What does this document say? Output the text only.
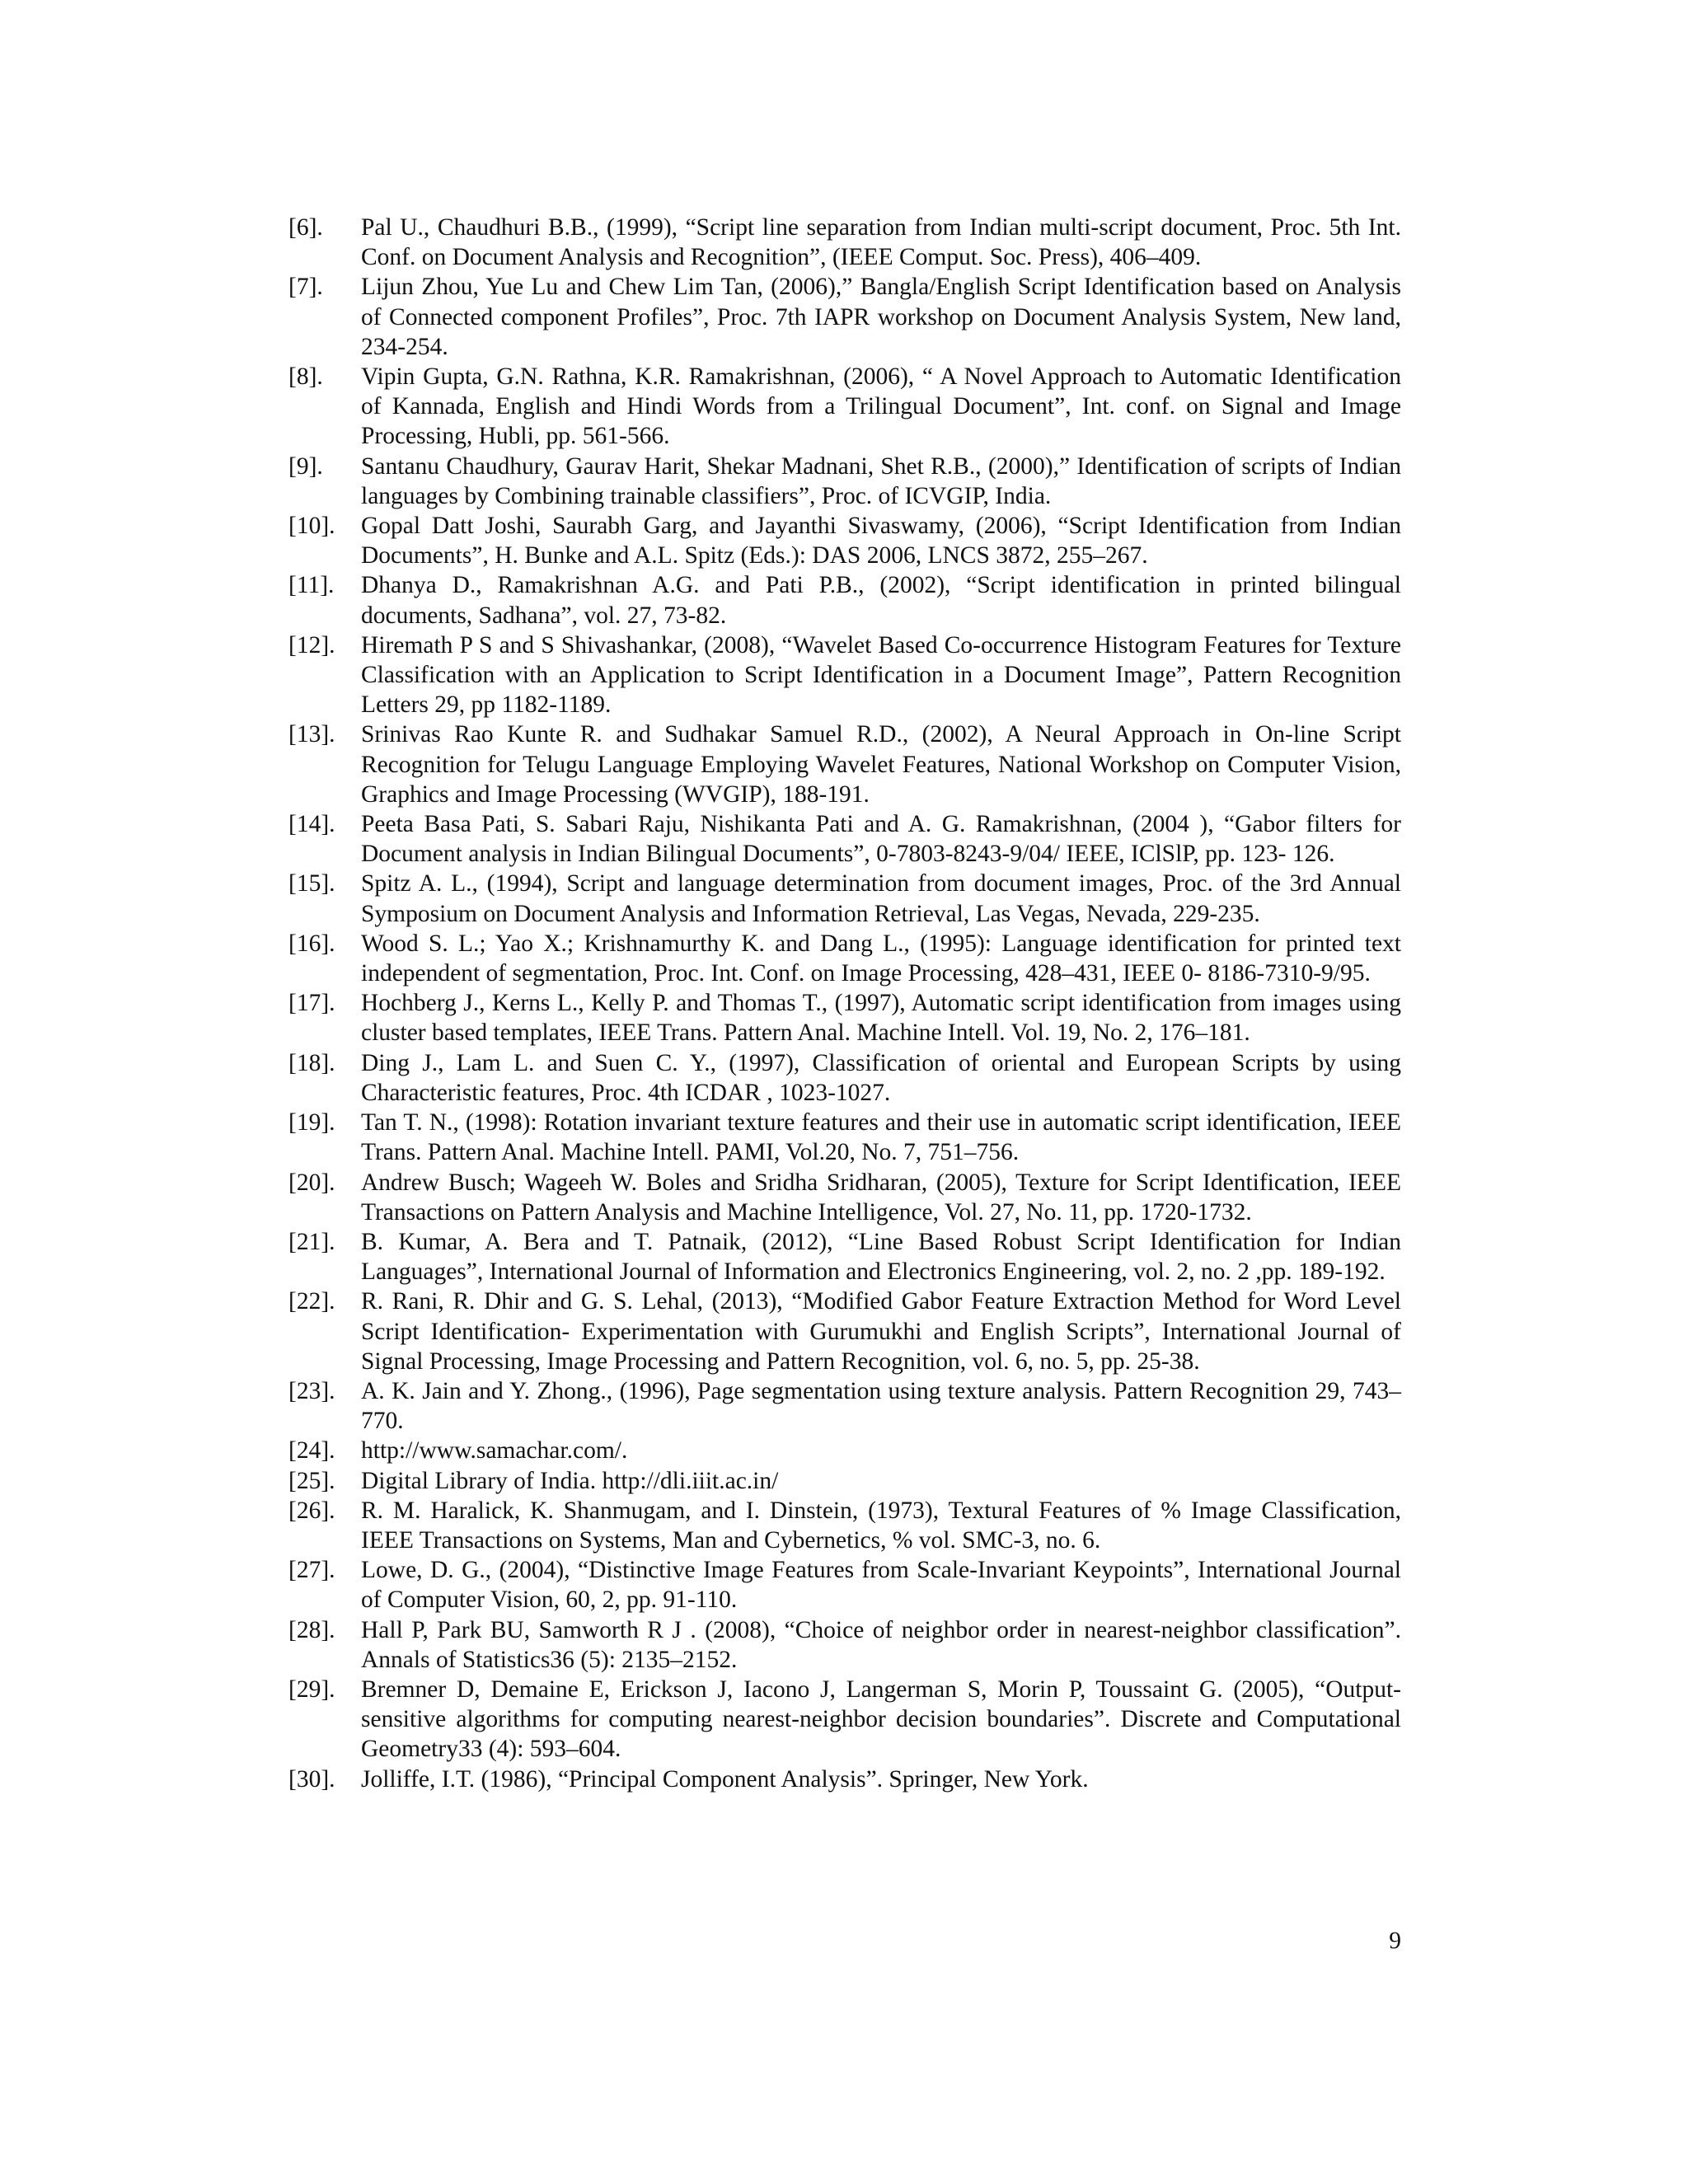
[6].	Pal U., Chaudhuri B.B., (1999), “Script line separation from Indian multi-script document, Proc. 5th Int. Conf. on Document Analysis and Recognition”, (IEEE Comput. Soc. Press), 406–409.
[7].	Lijun Zhou, Yue Lu and Chew Lim Tan, (2006),” Bangla/English Script Identification based on Analysis of Connected component Profiles”, Proc. 7th IAPR workshop on Document Analysis System, New land, 234-254.
[8].	Vipin Gupta, G.N. Rathna, K.R. Ramakrishnan, (2006), “ A Novel Approach to Automatic Identification of Kannada, English and Hindi Words from a Trilingual Document”, Int. conf. on Signal and Image Processing, Hubli, pp. 561-566.
[9].	Santanu Chaudhury, Gaurav Harit, Shekar Madnani, Shet R.B., (2000),” Identification of scripts of Indian languages by Combining trainable classifiers”, Proc. of ICVGIP, India.
[10].	Gopal Datt Joshi, Saurabh Garg, and Jayanthi Sivaswamy, (2006), “Script Identification from Indian Documents”, H. Bunke and A.L. Spitz (Eds.): DAS 2006, LNCS 3872, 255–267.
[11].	Dhanya D., Ramakrishnan A.G. and Pati P.B., (2002), “Script identification in printed bilingual documents, Sadhana”, vol. 27, 73-82.
[12].	Hiremath P S and S Shivashankar, (2008), “Wavelet Based Co-occurrence Histogram Features for Texture Classification with an Application to Script Identification in a Document Image”, Pattern Recognition Letters 29, pp 1182-1189.
[13].	Srinivas Rao Kunte R. and Sudhakar Samuel R.D., (2002), A Neural Approach in On-line Script Recognition for Telugu Language Employing Wavelet Features, National Workshop on Computer Vision, Graphics and Image Processing (WVGIP), 188-191.
[14].	Peeta Basa Pati, S. Sabari Raju, Nishikanta Pati and A. G. Ramakrishnan, (2004 ), “Gabor filters for Document analysis in Indian Bilingual Documents”, 0-7803-8243-9/04/ IEEE, IClSlP, pp. 123- 126.
[15].	Spitz A. L., (1994), Script and language determination from document images, Proc. of the 3rd Annual Symposium on Document Analysis and Information Retrieval, Las Vegas, Nevada, 229-235.
[16].	Wood S. L.; Yao X.; Krishnamurthy K. and Dang L., (1995): Language identification for printed text independent of segmentation, Proc. Int. Conf. on Image Processing, 428–431, IEEE 0- 8186-7310-9/95.
[17].	Hochberg J., Kerns L., Kelly P. and Thomas T., (1997), Automatic script identification from images using cluster based templates, IEEE Trans. Pattern Anal. Machine Intell. Vol. 19, No. 2, 176–181.
[18].	Ding J., Lam L. and Suen C. Y., (1997), Classification of oriental and European Scripts by using Characteristic features, Proc. 4th ICDAR , 1023-1027.
[19].	Tan T. N., (1998): Rotation invariant texture features and their use in automatic script identification, IEEE Trans. Pattern Anal. Machine Intell. PAMI, Vol.20, No. 7, 751–756.
[20].	Andrew Busch; Wageeh W. Boles and Sridha Sridharan, (2005), Texture for Script Identification, IEEE Transactions on Pattern Analysis and Machine Intelligence, Vol. 27, No. 11, pp. 1720-1732.
[21].	B. Kumar, A. Bera and T. Patnaik, (2012), “Line Based Robust Script Identification for Indian Languages”, International Journal of Information and Electronics Engineering, vol. 2, no. 2 ,pp. 189-192.
[22].	R. Rani, R. Dhir and G. S. Lehal, (2013), “Modified Gabor Feature Extraction Method for Word Level Script Identification- Experimentation with Gurumukhi and English Scripts”, International Journal of Signal Processing, Image Processing and Pattern Recognition, vol. 6, no. 5, pp. 25-38.
[23].	A. K. Jain and Y. Zhong., (1996), Page segmentation using texture analysis. Pattern Recognition 29, 743–770.
[24].	http://www.samachar.com/.
[25].	Digital Library of India. http://dli.iiit.ac.in/
[26].	R. M. Haralick, K. Shanmugam, and I. Dinstein, (1973), Textural Features of % Image Classification, IEEE Transactions on Systems, Man and Cybernetics, % vol. SMC-3, no. 6.
[27].	Lowe, D. G., (2004), “Distinctive Image Features from Scale-Invariant Keypoints”, International Journal of Computer Vision, 60, 2, pp. 91-110.
[28].	Hall P, Park BU, Samworth R J . (2008), “Choice of neighbor order in nearest-neighbor classification”. Annals of Statistics36 (5): 2135–2152.
[29].	Bremner D, Demaine E, Erickson J, Iacono J, Langerman S, Morin P, Toussaint G. (2005), “Output-sensitive algorithms for computing nearest-neighbor decision boundaries”. Discrete and Computational Geometry33 (4): 593–604.
[30].	Jolliffe, I.T. (1986), “Principal Component Analysis”. Springer, New York.
9
